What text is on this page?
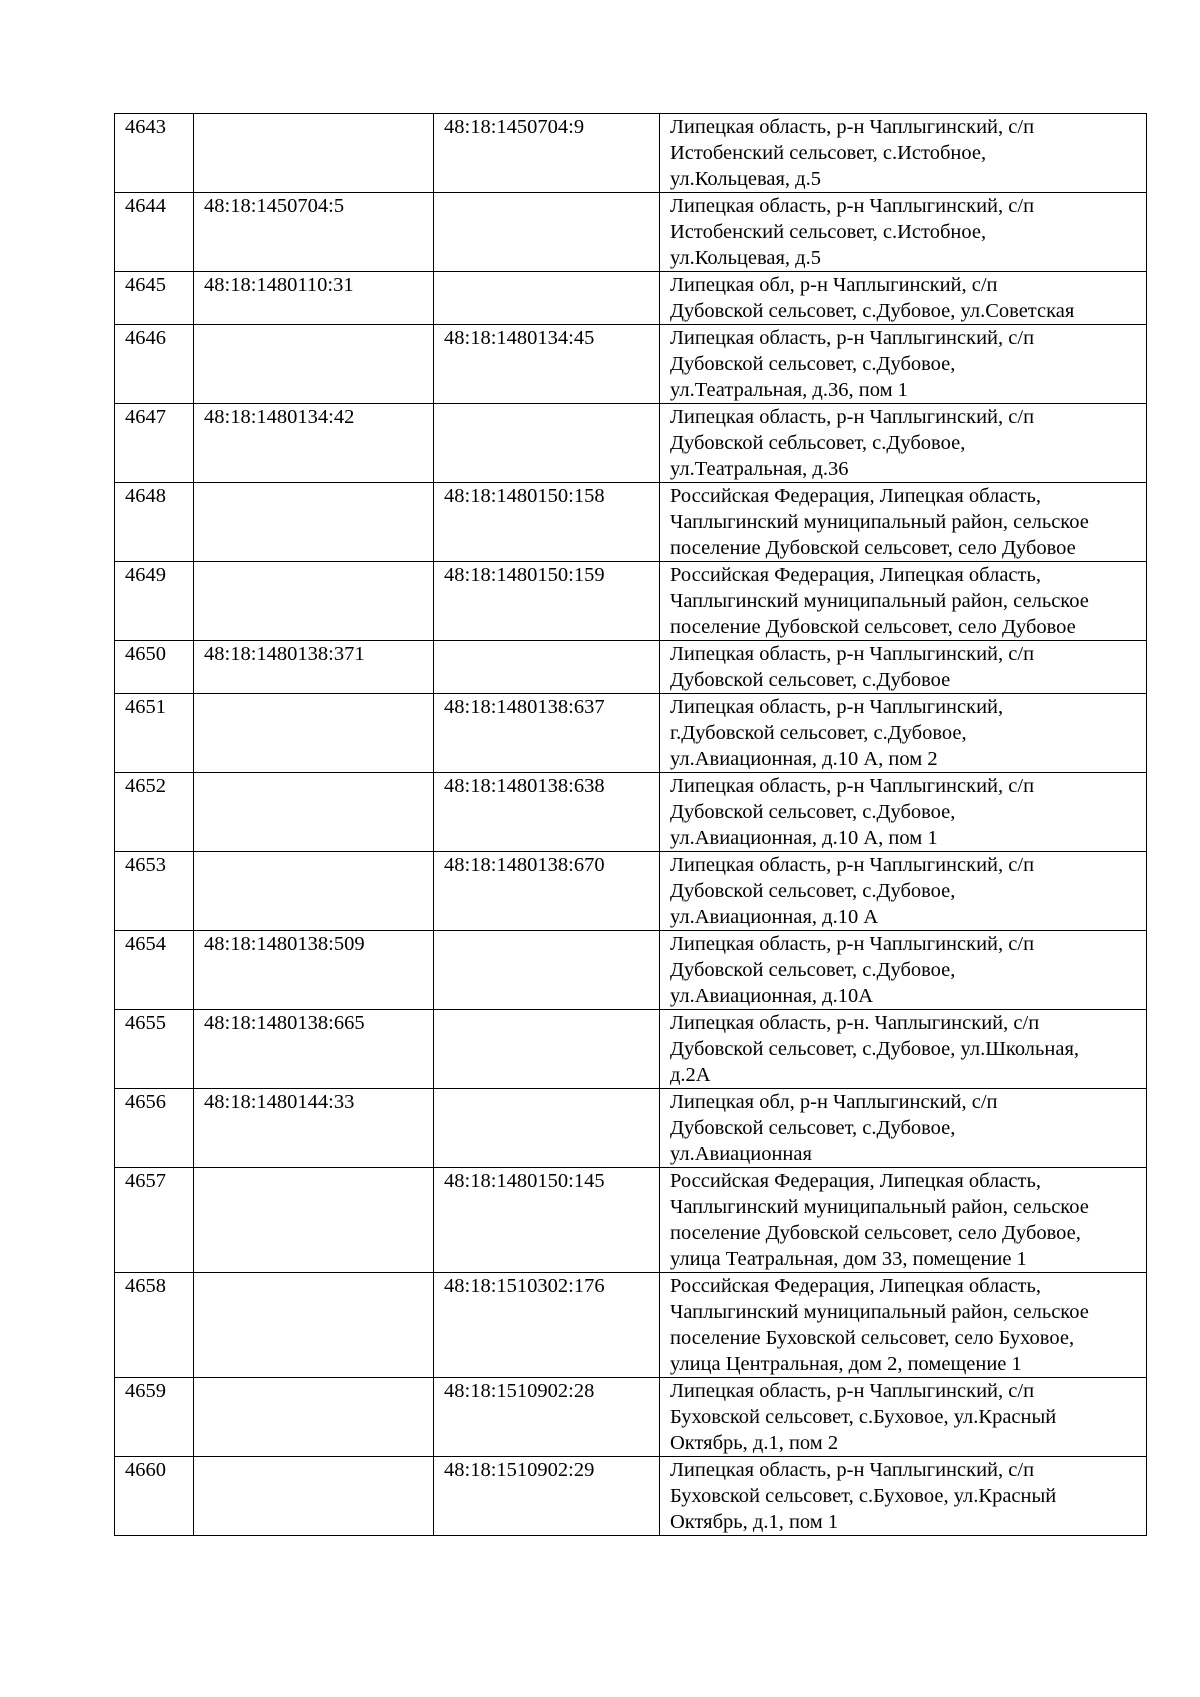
4643		48:18:1450704:9	Липецкая область, р-н Чаплыгинский, с/п
Истобенский сельсовет, с.Истобное,
ул.Кольцевая, д.5

4644	48:18:1450704:5		Липецкая область, р-н Чаплыгинский, с/п
Истобенский сельсовет, с.Истобное,
ул.Кольцевая, д.5

4645	48:18:1480110:31		Липецкая обл, р-н Чаплыгинский, с/п
Дубовской сельсовет, с.Дубовое, ул.Советская

4646		48:18:1480134:45	Липецкая область, р-н Чаплыгинский, с/п
Дубовской сельсовет, с.Дубовое,
ул.Театральная, д.36, пом 1

4647	48:18:1480134:42		Липецкая область, р-н Чаплыгинский, с/п
Дубовской себльсовет, с.Дубовое,
ул.Театральная, д.36

4648		48:18:1480150:158	Российская Федерация, Липецкая область,
Чаплыгинский муниципальный район, сельское
поселение Дубовской сельсовет, село Дубовое

4649		48:18:1480150:159	Российская Федерация, Липецкая область,
Чаплыгинский муниципальный район, сельское
поселение Дубовской сельсовет, село Дубовое

4650	48:18:1480138:371		Липецкая область, р-н Чаплыгинский, с/п
Дубовской сельсовет, с.Дубовое

4651		48:18:1480138:637	Липецкая область, р-н Чаплыгинский,
г.Дубовской сельсовет, с.Дубовое,
ул.Авиационная, д.10 А, пом 2

4652		48:18:1480138:638	Липецкая область, р-н Чаплыгинский, с/п
Дубовской сельсовет, с.Дубовое,
ул.Авиационная, д.10 А, пом 1

4653		48:18:1480138:670	Липецкая область, р-н Чаплыгинский, с/п
Дубовской сельсовет, с.Дубовое,
ул.Авиационная, д.10 А

4654	48:18:1480138:509		Липецкая область, р-н Чаплыгинский, с/п
Дубовской сельсовет, с.Дубовое,
ул.Авиационная, д.10А

4655	48:18:1480138:665		Липецкая область, р-н. Чаплыгинский, с/п
Дубовской сельсовет, с.Дубовое, ул.Школьная,
д.2А

4656	48:18:1480144:33		Липецкая обл, р-н Чаплыгинский, с/п
Дубовской сельсовет, с.Дубовое,
ул.Авиационная

4657		48:18:1480150:145	Российская Федерация, Липецкая область,
Чаплыгинский муниципальный район, сельское
поселение Дубовской сельсовет, село Дубовое,
улица Театральная, дом 33, помещение 1

4658		48:18:1510302:176	Российская Федерация, Липецкая область,
Чаплыгинский муниципальный район, сельское
поселение Буховской сельсовет, село Буховое,
улица Центральная, дом 2, помещение 1

4659		48:18:1510902:28	Липецкая область, р-н Чаплыгинский, с/п
Буховской сельсовет, с.Буховое, ул.Красный
Октябрь, д.1, пом 2

4660		48:18:1510902:29	Липецкая область, р-н Чаплыгинский, с/п
Буховской сельсовет, с.Буховое, ул.Красный
Октябрь, д.1, пом 1
